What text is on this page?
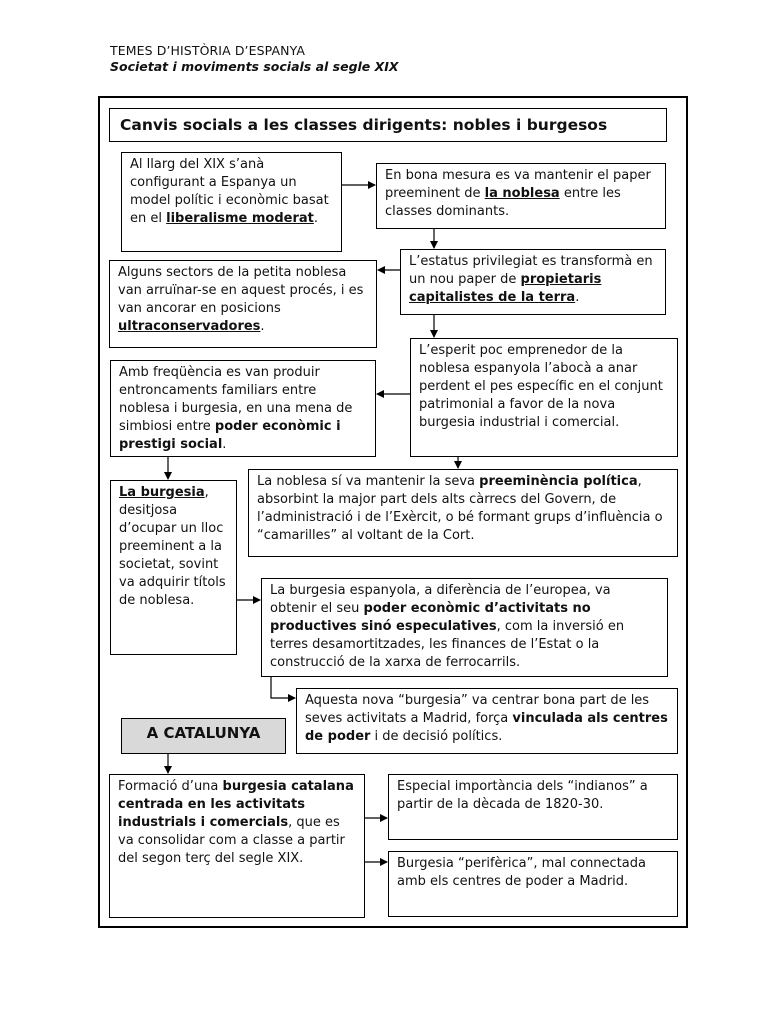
TEMES D’HISTÒRIA D’ESPANYA
Societat i moviments socials al segle XIX
Canvis socials a les classes dirigents: nobles i burgesos
Al llarg del XIX s’anà configurant a Espanya un model polític i econòmic basat en el liberalisme moderat.
En bona mesura es va mantenir el paper preeminent de la noblesa entre les classes dominants.
L’estatus privilegiat es transformà en un nou paper de propietaris capitalistes de la terra.
Alguns sectors de la petita noblesa van arruïnar-se en aquest procés, i es van ancorar en posicions ultraconservadores.
L’esperit poc emprenedor de la noblesa espanyola l’abocà a anar perdent el pes específic en el conjunt patrimonial a favor de la nova burgesia industrial i comercial.
Amb freqüència es van produir entroncaments familiars entre noblesa i burgesia, en una mena de simbiosi entre poder econòmic i prestigi social.
La noblesa sí va mantenir la seva preeminència política, absorbint la major part dels alts càrrecs del Govern, de l’administració i de l’Exèrcit, o bé formant grups d’influència o “camarilles” al voltant de la Cort.
La burgesia, desitjosa d’ocupar un lloc preeminent a la societat, sovint va adquirir títols de noblesa.
La burgesia espanyola, a diferència de l’europea, va obtenir el seu poder econòmic d’activitats no productives sinó especulatives, com la inversió en terres desamortitzades, les finances de l’Estat o la construcció de la xarxa de ferrocarrils.
Aquesta nova “burgesia” va centrar bona part de les seves activitats a Madrid, força vinculada als centres de poder i de decisió polítics.
A CATALUNYA
Formació d’una burgesia catalana centrada en les activitats industrials i comercials, que es va consolidar com a classe a partir del segon terç del segle XIX.
Especial importància dels “indianos” a partir de la dècada de 1820-30.
Burgesia “perifèrica”, mal connectada amb els centres de poder a Madrid.
